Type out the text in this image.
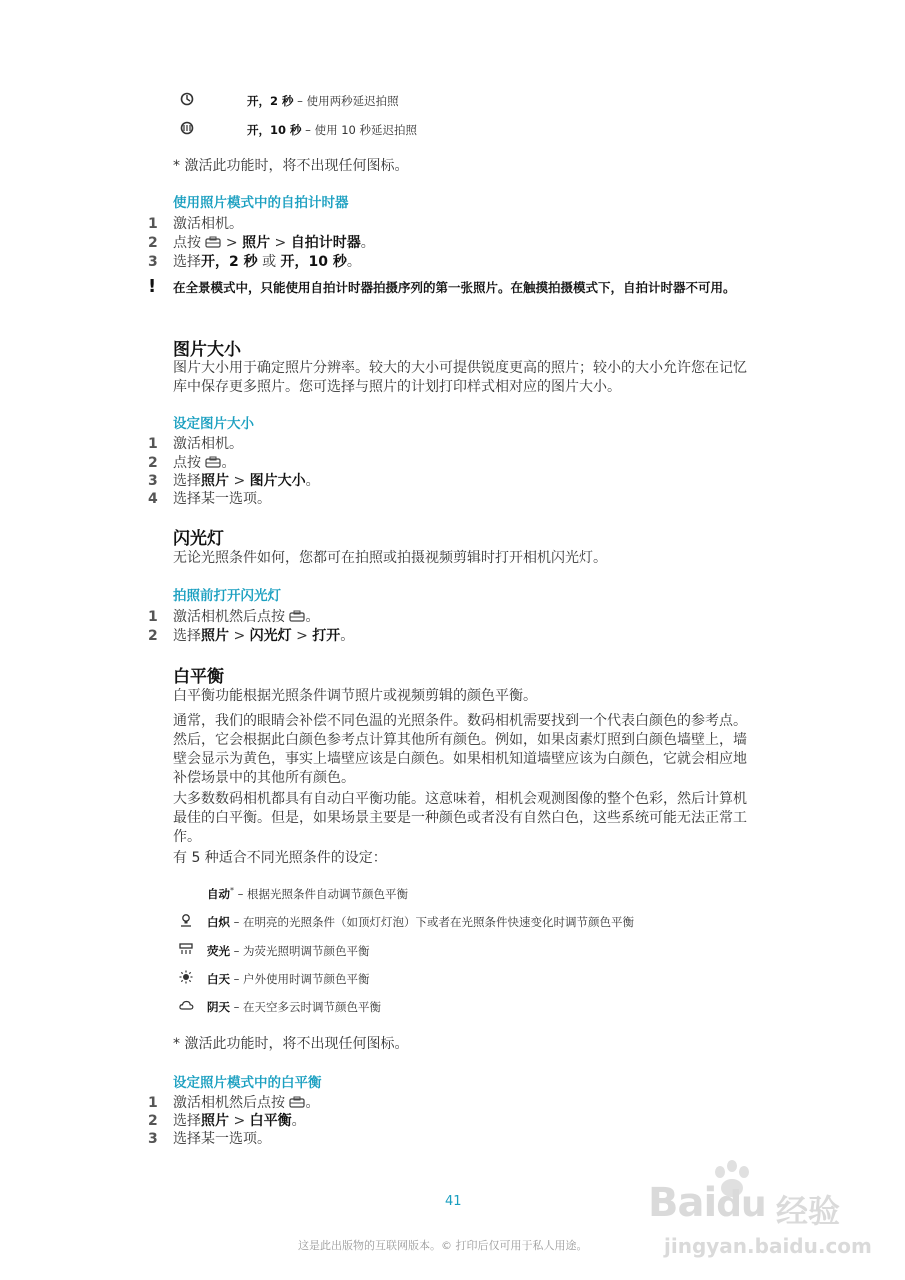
开，2 秒 – 使用两秒延迟拍照
开，10 秒 – 使用 10 秒延迟拍照
* 激活此功能时，将不出现任何图标。
使用照片模式中的自拍计时器
1 激活相机。
2 点按  > 照片 > 自拍计时器。
3 选择开，2 秒 或 开，10 秒。
! 在全景模式中，只能使用自拍计时器拍摄序列的第一张照片。在触摸拍摄模式下，自拍计时器不可用。
图片大小
图片大小用于确定照片分辨率。较大的大小可提供锐度更高的照片；较小的大小允许您在记忆库中保存更多照片。您可选择与照片的计划打印样式相对应的图片大小。
设定图片大小
1 激活相机。
2 点按 。
3 选择照片 > 图片大小。
4 选择某一选项。
闪光灯
无论光照条件如何，您都可在拍照或拍摄视频剪辑时打开相机闪光灯。
拍照前打开闪光灯
1 激活相机然后点按 。
2 选择照片 > 闪光灯 > 打开。
白平衡
白平衡功能根据光照条件调节照片或视频剪辑的颜色平衡。
通常，我们的眼睛会补偿不同色温的光照条件。数码相机需要找到一个代表白颜色的参考点。然后，它会根据此白颜色参考点计算其他所有颜色。例如，如果卤素灯照到白颜色墙壁上，墙壁会显示为黄色，事实上墙壁应该是白颜色。如果相机知道墙壁应该为白颜色，它就会相应地补偿场景中的其他所有颜色。
大多数数码相机都具有自动白平衡功能。这意味着，相机会观测图像的整个色彩，然后计算机最佳的白平衡。但是，如果场景主要是一种颜色或者没有自然白色，这些系统可能无法正常工作。
有 5 种适合不同光照条件的设定：
自动* – 根据光照条件自动调节颜色平衡
白炽 – 在明亮的光照条件（如顶灯灯泡）下或者在光照条件快速变化时调节颜色平衡
荧光 – 为荧光照明调节颜色平衡
白天 – 户外使用时调节颜色平衡
阴天 – 在天空多云时调节颜色平衡
* 激活此功能时，将不出现任何图标。
设定照片模式中的白平衡
1 激活相机然后点按 。
2 选择照片 > 白平衡。
3 选择某一选项。
41
这是此出版物的互联网版本。© 打印后仅可用于私人用途。
Baidu 经验
jingyan.baidu.com
